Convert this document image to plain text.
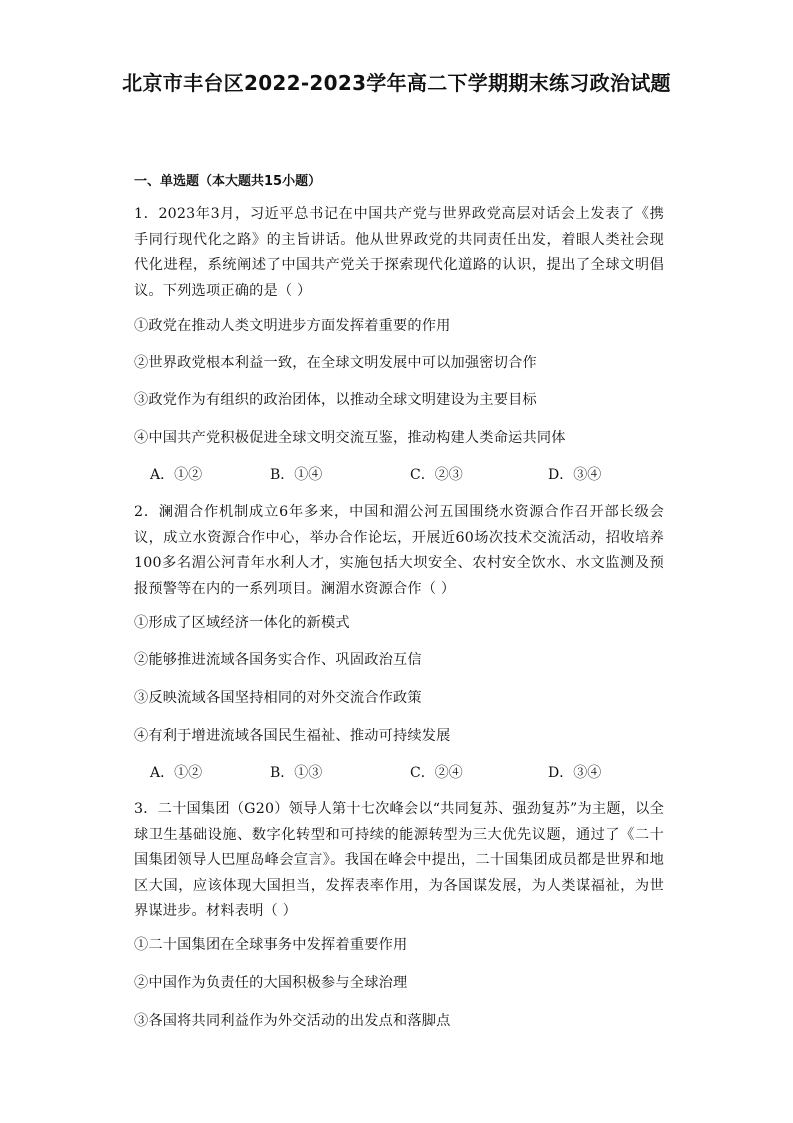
北京市丰台区2022-2023学年高二下学期期末练习政治试题
一、单选题（本大题共15小题）
1．2023年3月，习近平总书记在中国共产党与世界政党高层对话会上发表了《携手同行现代化之路》的主旨讲话。他从世界政党的共同责任出发，着眼人类社会现代化进程，系统阐述了中国共产党关于探索现代化道路的认识，提出了全球文明倡议。下列选项正确的是（ ）
①政党在推动人类文明进步方面发挥着重要的作用
②世界政党根本利益一致，在全球文明发展中可以加强密切合作
③政党作为有组织的政治团体，以推动全球文明建设为主要目标
④中国共产党积极促进全球文明交流互鉴，推动构建人类命运共同体
A．①②	B．①④	C．②③	D．③④
2．澜湄合作机制成立6年多来，中国和湄公河五国围绕水资源合作召开部长级会议，成立水资源合作中心，举办合作论坛，开展近60场次技术交流活动，招收培养100多名湄公河青年水利人才，实施包括大坝安全、农村安全饮水、水文监测及预报预警等在内的一系列项目。澜湄水资源合作（ ）
①形成了区域经济一体化的新模式
②能够推进流域各国务实合作、巩固政治互信
③反映流域各国坚持相同的对外交流合作政策
④有利于增进流域各国民生福祉、推动可持续发展
A．①②	B．①③	C．②④	D．③④
3．二十国集团（G20）领导人第十七次峰会以“共同复苏、强劲复苏”为主题，以全球卫生基础设施、数字化转型和可持续的能源转型为三大优先议题，通过了《二十国集团领导人巴厘岛峰会宣言》。我国在峰会中提出，二十国集团成员都是世界和地区大国，应该体现大国担当，发挥表率作用，为各国谋发展，为人类谋福祉，为世界谋进步。材料表明（ ）
①二十国集团在全球事务中发挥着重要作用
②中国作为负责任的大国积极参与全球治理
③各国将共同利益作为外交活动的出发点和落脚点
